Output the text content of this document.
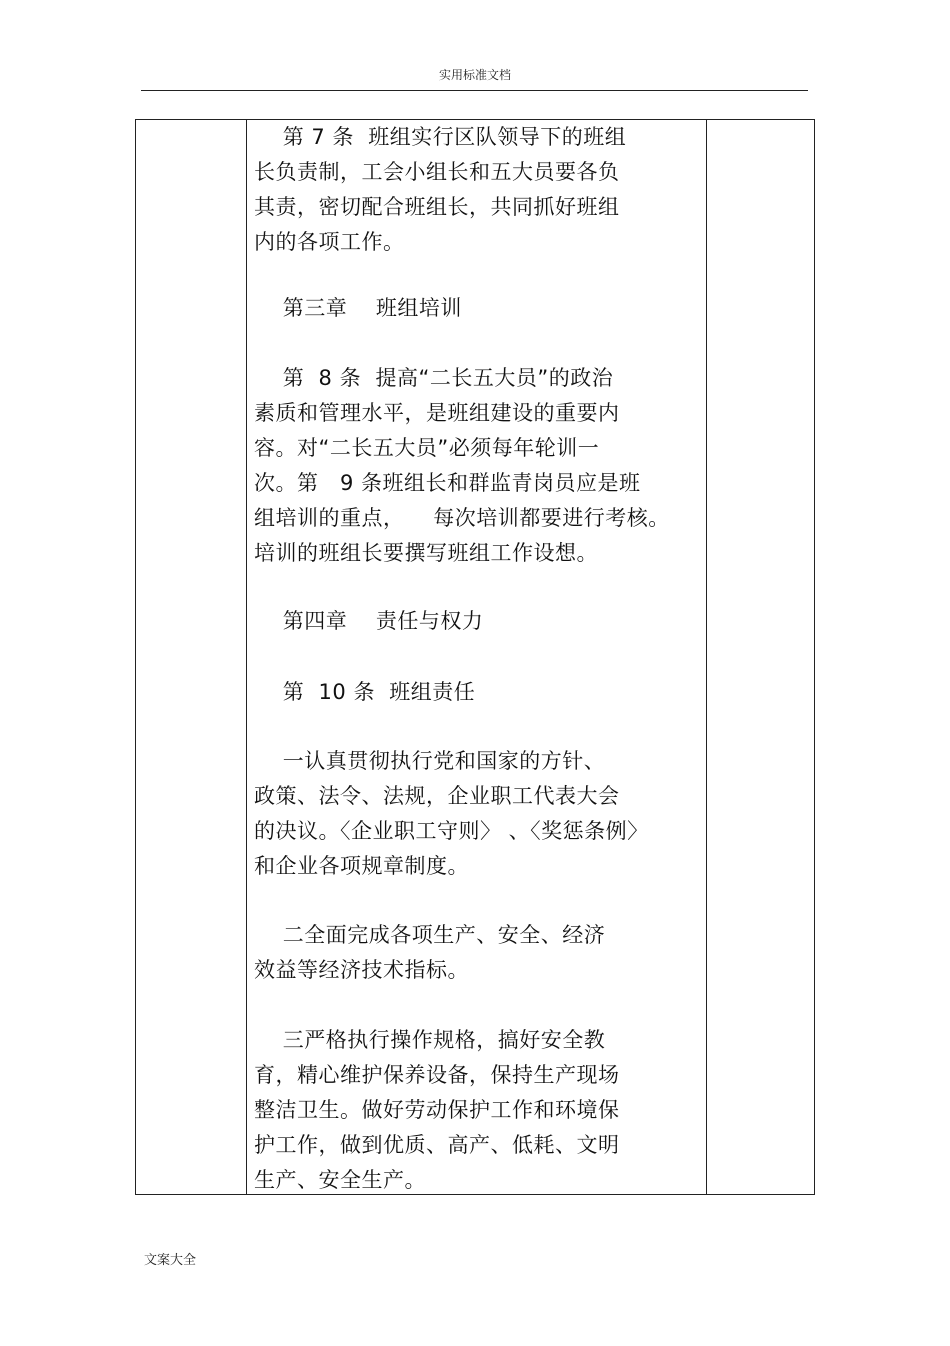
实用标准文档
第 7 条  班组实行区队领导下的班组
长负责制，工会小组长和五大员要各负
其责，密切配合班组长，共同抓好班组
内的各项工作。
第三章    班组培训
第  8 条  提高“二长五大员”的政治
素质和管理水平，是班组建设的重要内
容。对“二长五大员”必须每年轮训一
次。第   9 条班组长和群监青岗员应是班
组培训的重点，    每次培训都要进行考核。
培训的班组长要撰写班组工作设想。
第四章    责任与权力
第  10 条  班组责任
一认真贯彻执行党和国家的方针、
政策、法令、法规，企业职工代表大会
的决议。〈企业职工守则〉 、〈奖惩条例〉
和企业各项规章制度。
二全面完成各项生产、安全、经济
效益等经济技术指标。
三严格执行操作规格，搞好安全教
育，精心维护保养设备，保持生产现场
整洁卫生。做好劳动保护工作和环境保
护工作，做到优质、高产、低耗、文明
生产、安全生产。
文案大全
